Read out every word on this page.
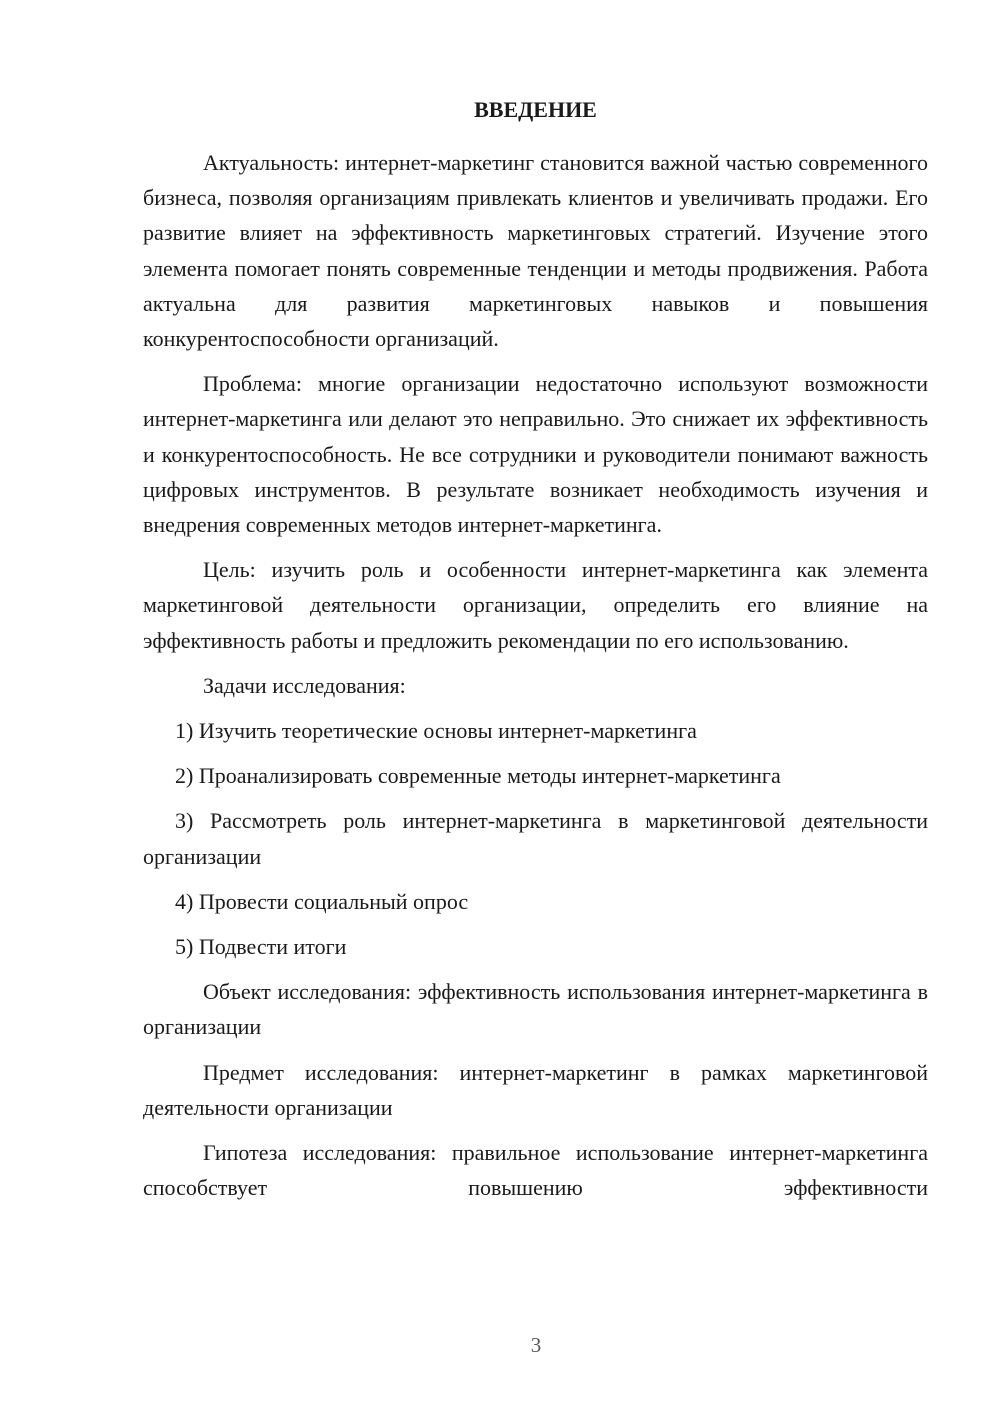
ВВЕДЕНИЕ

Актуальность: интернет-маркетинг становится важной частью современного бизнеса, позволяя организациям привлекать клиентов и увеличивать продажи. Его развитие влияет на эффективность маркетинговых стратегий. Изучение этого элемента помогает понять современные тенденции и методы продвижения. Работа актуальна для развития маркетинговых навыков и повышения конкурентоспособности организаций.

Проблема: многие организации недостаточно используют возможности интернет-маркетинга или делают это неправильно. Это снижает их эффективность и конкурентоспособность. Не все сотрудники и руководители понимают важность цифровых инструментов. В результате возникает необходимость изучения и внедрения современных методов интернет-маркетинга.

Цель: изучить роль и особенности интернет-маркетинга как элемента маркетинговой деятельности организации, определить его влияние на эффективность работы и предложить рекомендации по его использованию.

Задачи исследования:

1) Изучить теоретические основы интернет-маркетинга

2) Проанализировать современные методы интернет-маркетинга

3) Рассмотреть роль интернет-маркетинга в маркетинговой деятельности организации

4) Провести социальный опрос

5) Подвести итоги

Объект исследования: эффективность использования интернет-маркетинга в организации

Предмет исследования: интернет-маркетинг в рамках маркетинговой деятельности организации

Гипотеза исследования: правильное использование интернет-маркетинга способствует повышению эффективности

3
